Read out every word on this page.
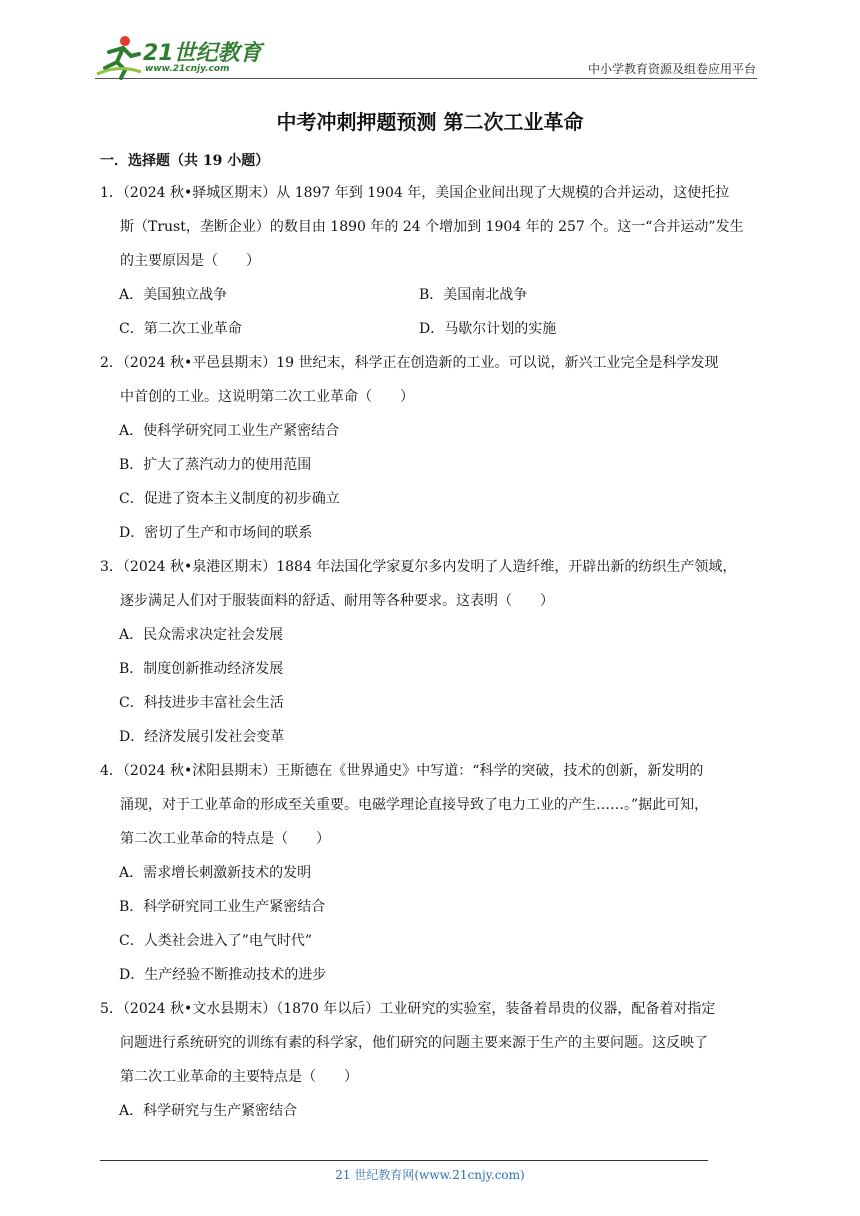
21世纪教育
www.21cnjy.com	中小学教育资源及组卷应用平台
中考冲刺押题预测 第二次工业革命
一．选择题（共 19 小题）
1．（2024 秋•驿城区期末）从 1897 年到 1904 年，美国企业间出现了大规模的合并运动，这使托拉
斯（Trust，垄断企业）的数目由 1890 年的 24 个增加到 1904 年的 257 个。这一“合并运动”发生
的主要原因是（　　）
A．美国独立战争	B．美国南北战争
C．第二次工业革命	D．马歇尔计划的实施
2．（2024 秋•平邑县期末）19 世纪末，科学正在创造新的工业。可以说，新兴工业完全是科学发现
中首创的工业。这说明第二次工业革命（　　）
A．使科学研究同工业生产紧密结合
B．扩大了蒸汽动力的使用范围
C．促进了资本主义制度的初步确立
D．密切了生产和市场间的联系
3．（2024 秋•泉港区期末）1884 年法国化学家夏尔多内发明了人造纤维，开辟出新的纺织生产领域，
逐步满足人们对于服装面料的舒适、耐用等各种要求。这表明（　　）
A．民众需求决定社会发展
B．制度创新推动经济发展
C．科技进步丰富社会生活
D．经济发展引发社会变革
4．（2024 秋•沭阳县期末）王斯德在《世界通史》中写道：“科学的突破，技术的创新，新发明的
涌现，对于工业革命的形成至关重要。电磁学理论直接导致了电力工业的产生……。”据此可知，
第二次工业革命的特点是（　　）
A．需求增长刺激新技术的发明
B．科学研究同工业生产紧密结合
C．人类社会进入了”电气时代”
D．生产经验不断推动技术的进步
5．（2024 秋•文水县期末）（1870 年以后）工业研究的实验室，装备着昂贵的仪器，配备着对指定
问题进行系统研究的训练有素的科学家，他们研究的问题主要来源于生产的主要问题。这反映了
第二次工业革命的主要特点是（　　）
A．科学研究与生产紧密结合
21 世纪教育网(www.21cnjy.com)
